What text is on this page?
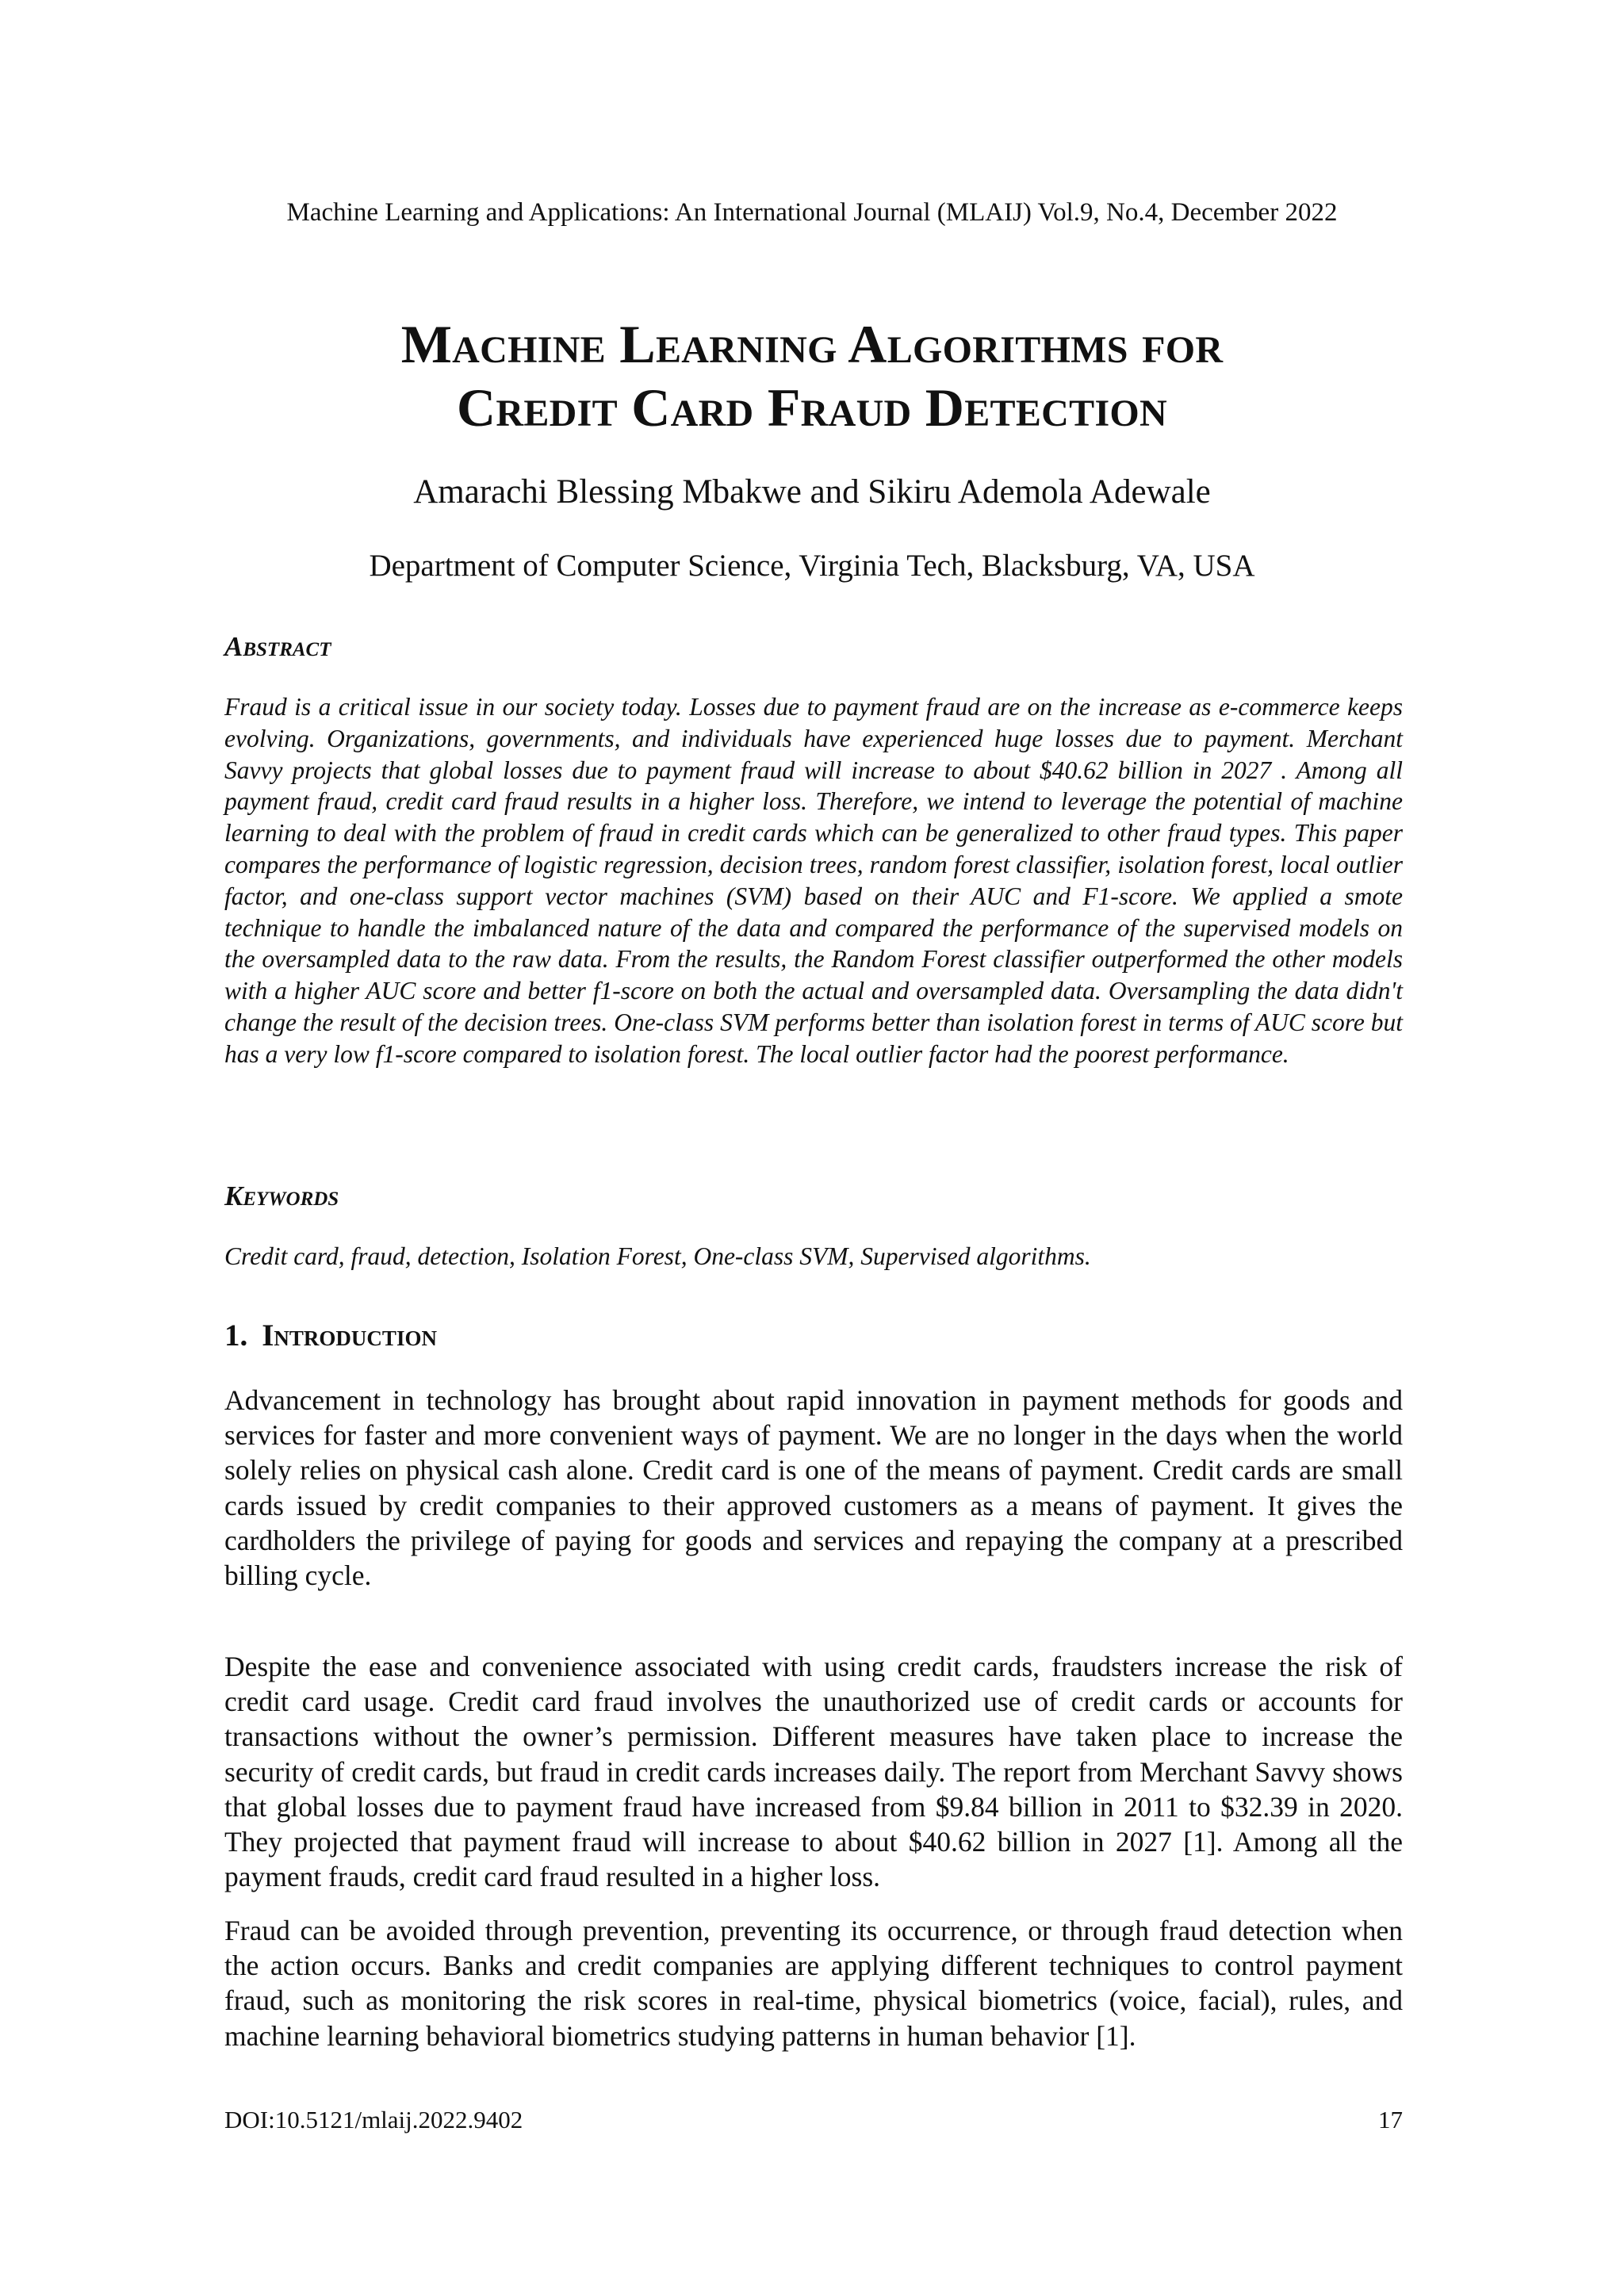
Machine Learning and Applications: An International Journal (MLAIJ) Vol.9, No.4, December 2022
Machine Learning Algorithms for
Credit Card Fraud Detection
Amarachi Blessing Mbakwe and Sikiru Ademola Adewale
Department of Computer Science, Virginia Tech, Blacksburg, VA, USA
Abstract
Fraud is a critical issue in our society today. Losses due to payment fraud are on the increase as e-commerce keeps evolving. Organizations, governments, and individuals have experienced huge losses due to payment. Merchant Savvy projects that global losses due to payment fraud will increase to about $40.62 billion in 2027 . Among all payment fraud, credit card fraud results in a higher loss. Therefore, we intend to leverage the potential of machine learning to deal with the problem of fraud in credit cards which can be generalized to other fraud types. This paper compares the performance of logistic regression, decision trees, random forest classifier, isolation forest, local outlier factor, and one-class support vector machines (SVM) based on their AUC and F1-score. We applied a smote technique to handle the imbalanced nature of the data and compared the performance of the supervised models on the oversampled data to the raw data. From the results, the Random Forest classifier outperformed the other models with a higher AUC score and better f1-score on both the actual and oversampled data. Oversampling the data didn't change the result of the decision trees. One-class SVM performs better than isolation forest in terms of AUC score but has a very low f1-score compared to isolation forest. The local outlier factor had the poorest performance.
Keywords
Credit card, fraud, detection, Isolation Forest, One-class SVM, Supervised algorithms.
1. Introduction
Advancement in technology has brought about rapid innovation in payment methods for goods and services for faster and more convenient ways of payment. We are no longer in the days when the world solely relies on physical cash alone. Credit card is one of the means of payment. Credit cards are small cards issued by credit companies to their approved customers as a means of payment. It gives the cardholders the privilege of paying for goods and services and repaying the company at a prescribed billing cycle.
Despite the ease and convenience associated with using credit cards, fraudsters increase the risk of credit card usage. Credit card fraud involves the unauthorized use of credit cards or accounts for transactions without the owner’s permission. Different measures have taken place to increase the security of credit cards, but fraud in credit cards increases daily. The report from Merchant Savvy shows that global losses due to payment fraud have increased from $9.84 billion in 2011 to $32.39 in 2020. They projected that payment fraud will increase to about $40.62 billion in 2027 [1]. Among all the payment frauds, credit card fraud resulted in a higher loss.
Fraud can be avoided through prevention, preventing its occurrence, or through fraud detection when the action occurs. Banks and credit companies are applying different techniques to control payment fraud, such as monitoring the risk scores in real-time, physical biometrics (voice, facial), rules, and machine learning behavioral biometrics studying patterns in human behavior [1].
DOI:10.5121/mlaij.2022.9402	17
